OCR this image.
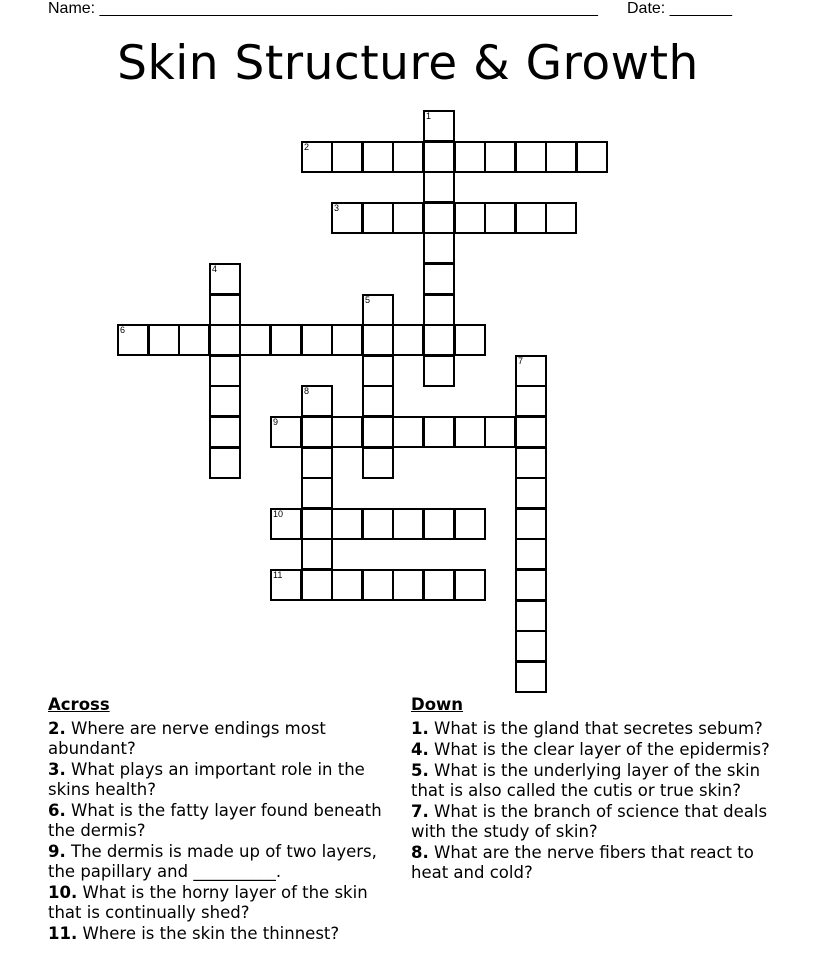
Name: ________________________________________________________ Date: _______
Skin Structure & Growth
1
2
3
4
5
6
7
8
9
10
11
Across
2. Where are nerve endings most abundant?
3. What plays an important role in the skins health?
6. What is the fatty layer found beneath the dermis?
9. The dermis is made up of two layers, the papillary and __________.
10. What is the horny layer of the skin that is continually shed?
11. Where is the skin the thinnest?
Down
1. What is the gland that secretes sebum?
4. What is the clear layer of the epidermis?
5. What is the underlying layer of the skin that is also called the cutis or true skin?
7. What is the branch of science that deals with the study of skin?
8. What are the nerve fibers that react to heat and cold?
